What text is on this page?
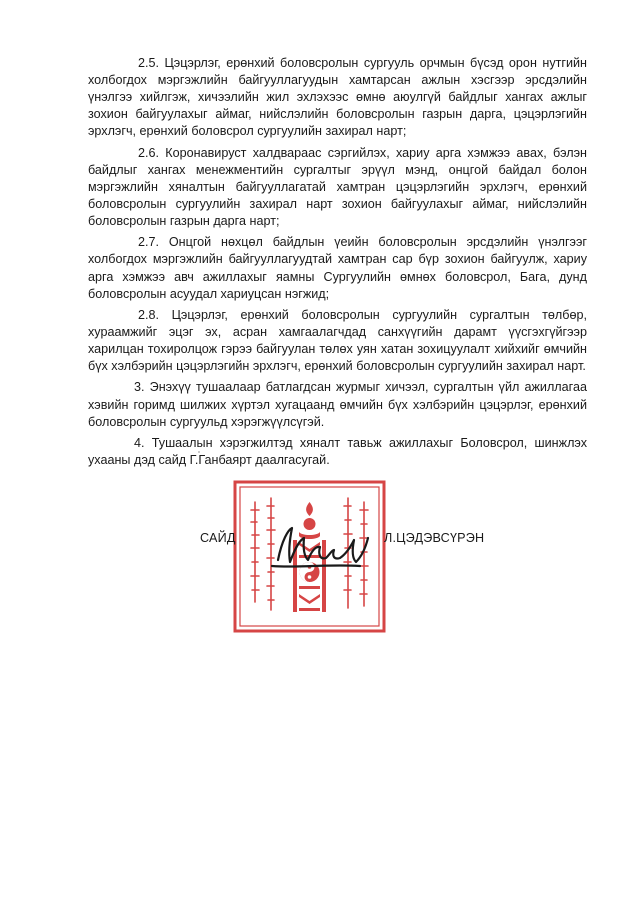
2.5. Цэцэрлэг, ерөнхий боловсролын сургууль орчмын бүсэд орон нутгийн холбогдох мэргэжлийн байгууллагуудын хамтарсан ажлын хэсгээр эрсдэлийн үнэлгээ хийлгэж, хичээлийн жил эхлэхээс өмнө аюулгүй байдлыг хангах ажлыг зохион байгуулахыг аймаг, нийслэлийн боловсролын газрын дарга, цэцэрлэгийн эрхлэгч, ерөнхий боловсрол сургуулийн захирал нарт;

2.6. Коронавируст халдвараас сэргийлэх, хариу арга хэмжээ авах, бэлэн байдлыг хангах менежментийн сургалтыг эрүүл мэнд, онцгой байдал болон мэргэжлийн хяналтын байгууллагатай хамтран цэцэрлэгийн эрхлэгч, ерөнхий боловсролын сургуулийн захирал нарт зохион байгуулахыг аймаг, нийслэлийн боловсролын газрын дарга нарт;

2.7. Онцгой нөхцөл байдлын үеийн боловсролын эрсдэлийн үнэлгээг холбогдох мэргэжлийн байгууллагуудтай хамтран сар бүр зохион байгуулж, хариу арга хэмжээ авч ажиллахыг яамны Сургуулийн өмнөх боловсрол, Бага, дунд боловсролын асуудал хариуцсан нэгжид;

2.8. Цэцэрлэг, ерөнхий боловсролын сургуулийн сургалтын төлбөр, хураамжийг эцэг эх, асран хамгаалагчдад санхүүгийн дарамт үүсгэхгүйгээр харилцан тохиролцож гэрээ байгуулан төлөх уян хатан зохицуулалт хийхийг өмчийн бүх хэлбэрийн цэцэрлэгийн эрхлэгч, ерөнхий боловсролын сургуулийн захирал нарт.

3. Энэхүү тушаалаар батлагдсан журмыг хичээл, сургалтын үйл ажиллагаа хэвийн горимд шилжих хүртэл хугацаанд өмчийн бүх хэлбэрийн цэцэрлэг, ерөнхий боловсролын сургуульд хэрэгжүүлсүгэй.

4. Тушаалын хэрэгжилтэд хяналт тавьж ажиллахыг Боловсрол, шинжлэх ухааны дэд сайд Г.Ганбаярт даалгасугай.

САЙД	Л.ЦЭДЭВСҮРЭН
